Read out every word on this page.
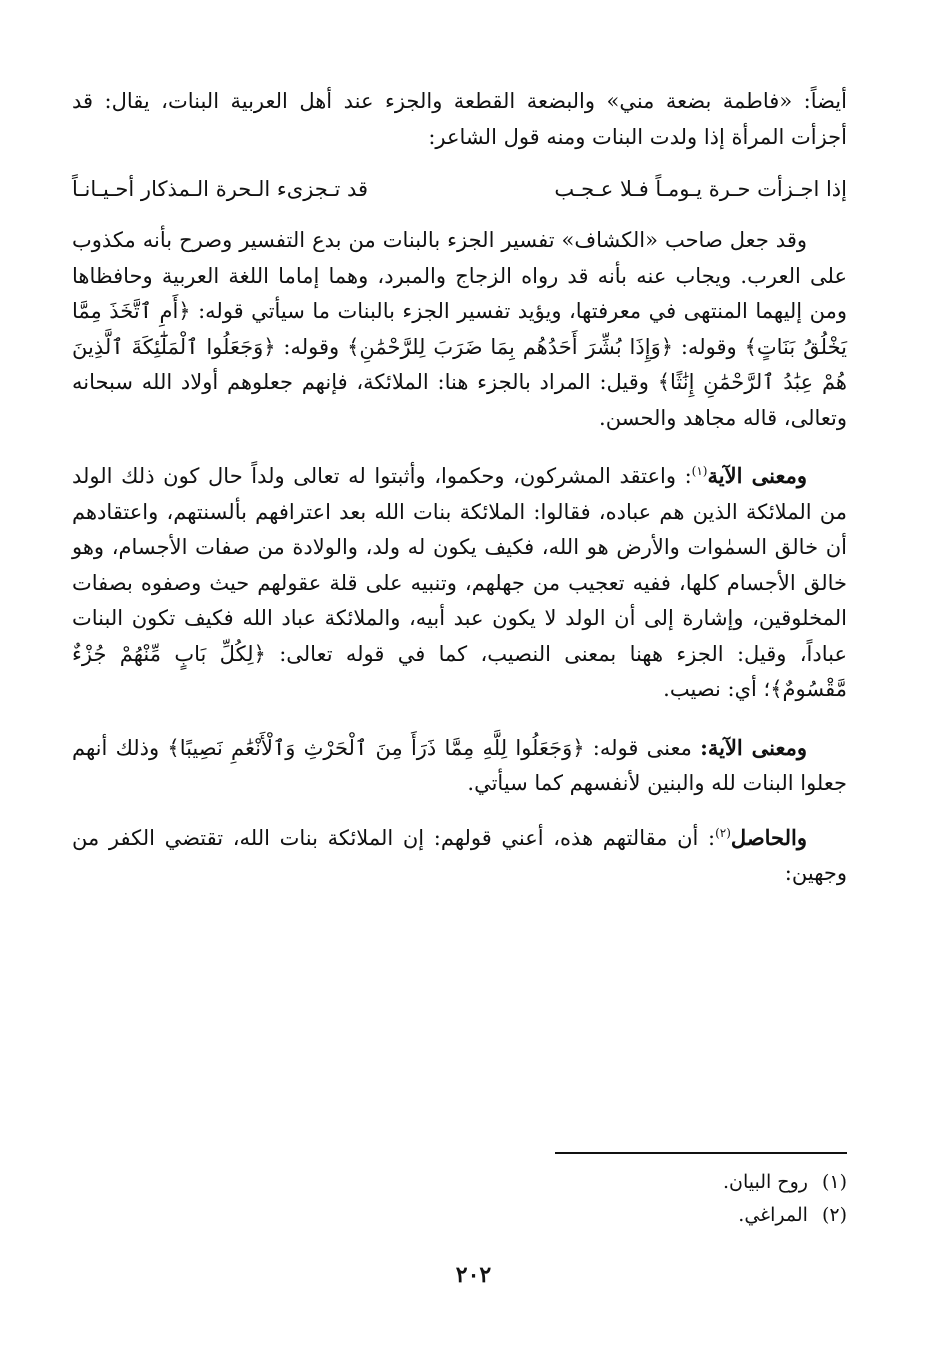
أيضاً: «فاطمة بضعة مني» والبضعة القطعة والجزء عند أهل العربية البنات، يقال: قد أجزأت المرأة إذا ولدت البنات ومنه قول الشاعر:

إذا اجـزأت حـرة يـومـاً فـلا عـجـب
قد تـجزىء الـحرة الـمذكار أحـيـانـاً

وقد جعل صاحب «الكشاف» تفسير الجزء بالبنات من بدع التفسير وصرح بأنه مكذوب على العرب. ويجاب عنه بأنه قد رواه الزجاج والمبرد، وهما إماما اللغة العربية وحافظاها ومن إليهما المنتهى في معرفتها، ويؤيد تفسير الجزء بالبنات ما سيأتي قوله: ﴿أَمِ ٱتَّخَذَ مِمَّا يَخْلُقُ بَنَاتٍ﴾ وقوله: ﴿وَإِذَا بُشِّرَ أَحَدُهُم بِمَا ضَرَبَ لِلرَّحْمَٰنِ﴾ وقوله: ﴿وَجَعَلُوا ٱلْمَلَٰٓئِكَةَ ٱلَّذِينَ هُمْ عِبَٰدُ ٱلرَّحْمَٰنِ إِنَٰثًا﴾ وقيل: المراد بالجزء هنا: الملائكة، فإنهم جعلوهم أولاد الله سبحانه وتعالى، قاله مجاهد والحسن.

ومعنى الآية$^{(١)}$: واعتقد المشركون، وحكموا، وأثبتوا له تعالى ولداً حال كون ذلك الولد من الملائكة الذين هم عباده، فقالوا: الملائكة بنات الله بعد اعترافهم بألسنتهم، واعتقادهم أن خالق السمٰوات والأرض هو الله، فكيف يكون له ولد، والولادة من صفات الأجسام، وهو خالق الأجسام كلها، ففيه تعجيب من جهلهم، وتنبيه على قلة عقولهم حيث وصفوه بصفات المخلوقين، وإشارة إلى أن الولد لا يكون عبد أبيه، والملائكة عباد الله فكيف تكون البنات عباداً، وقيل: الجزء ههنا بمعنى النصيب، كما في قوله تعالى: ﴿لِكُلِّ بَابٍ مِّنْهُمْ جُزْءٌ مَّقْسُومٌ﴾؛ أي: نصيب.

ومعنى الآية: معنى قوله: ﴿وَجَعَلُوا لِلَّهِ مِمَّا ذَرَأَ مِنَ ٱلْحَرْثِ وَٱلْأَنْعَٰمِ نَصِيبًا﴾ وذلك أنهم جعلوا البنات لله والبنين لأنفسهم كما سيأتي.

والحاصل$^{(٢)}$: أن مقالتهم هذه، أعني قولهم: إن الملائكة بنات الله، تقتضي الكفر من وجهين:

(١)روح البيان.
(٢)المراغي.
٢٠٢
